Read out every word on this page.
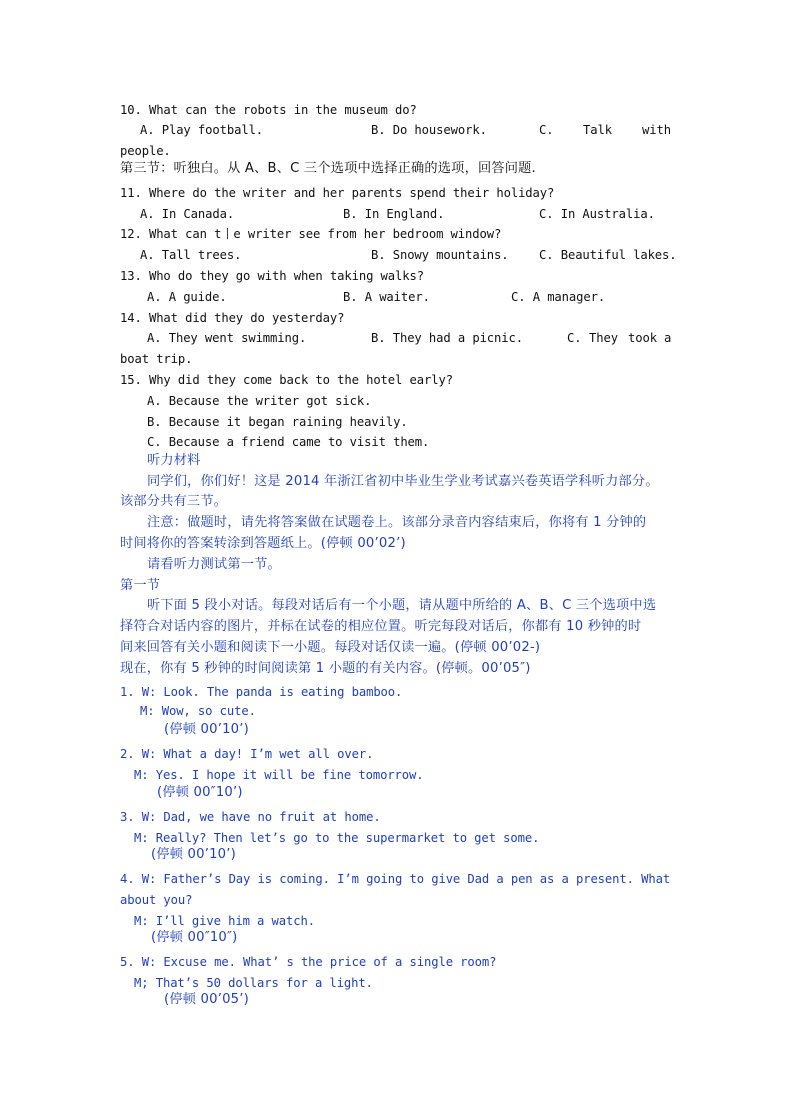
10. What can the robots in the museum do?
A. Play football.	B. Do housework.	C. Talk with
people.
第三节：听独白。从 A、B、C 三个选项中选择正确的选项，回答问题.
11. Where do the writer and her parents spend their holiday?
A. In Canada.	B. In England.	C. In Australia.
12. What can t丨e writer see from her bedroom window?
A. Tall trees.	B. Snowy mountains. C. Beautiful lakes.
13. Who do they go with when taking walks?
A. A guide.	B. A waiter.	C. A manager.
14. What did they do yesterday?
A. They went swimming.	B. They had a picnic.	C. They took a
boat trip.
15. Why did they come back to the hotel early?
A. Because the writer got sick.
B. Because it began raining heavily.
C. Because a friend came to visit them.
听力材料
同学们，你们好！这是 2014 年浙江省初中毕业生学业考试嘉兴卷英语学科听力部分。
该部分共有三节。
注意：做题时，请先将答案做在试题卷上。该部分录音内容结束后，你将有 1 分钟的
时间将你的答案转涂到答题纸上。(停顿 00’02’)
请看听力测试第一节。
第一节
听下面 5 段小对话。每段对话后有一个小题，请从题中所给的 A、B、C 三个选项中选
择符合对话内容的图片，并标在试卷的相应位置。听完每段对话后，你都有 10 秒钟的时
间来回答有关小题和阅读下一小题。每段对话仅读一遍。(停顿 00’02-)
现在，你有 5 秒钟的时间阅读第 1 小题的有关内容。(停顿。00’05″)
1. W: Look. The panda is eating bamboo.
M: Wow, so cute.
(停顿 00’10’)
2. W: What a day! I’m wet all over.
M: Yes. I hope it will be fine tomorrow.
(停顿 00″10’)
3. W: Dad, we have no fruit at home.
M: Really? Then let’s go to the supermarket to get some.
(停顿 00’10’)
4. W: Father’s Day is coming. I’m going to give Dad a pen as a present. What
about you?
M: I’ll give him a watch.
(停顿 00″10″)
5. W: Excuse me. What’ s the price of a single room?
M; That’s 50 dollars for a light.
(停顿 00’05’)
